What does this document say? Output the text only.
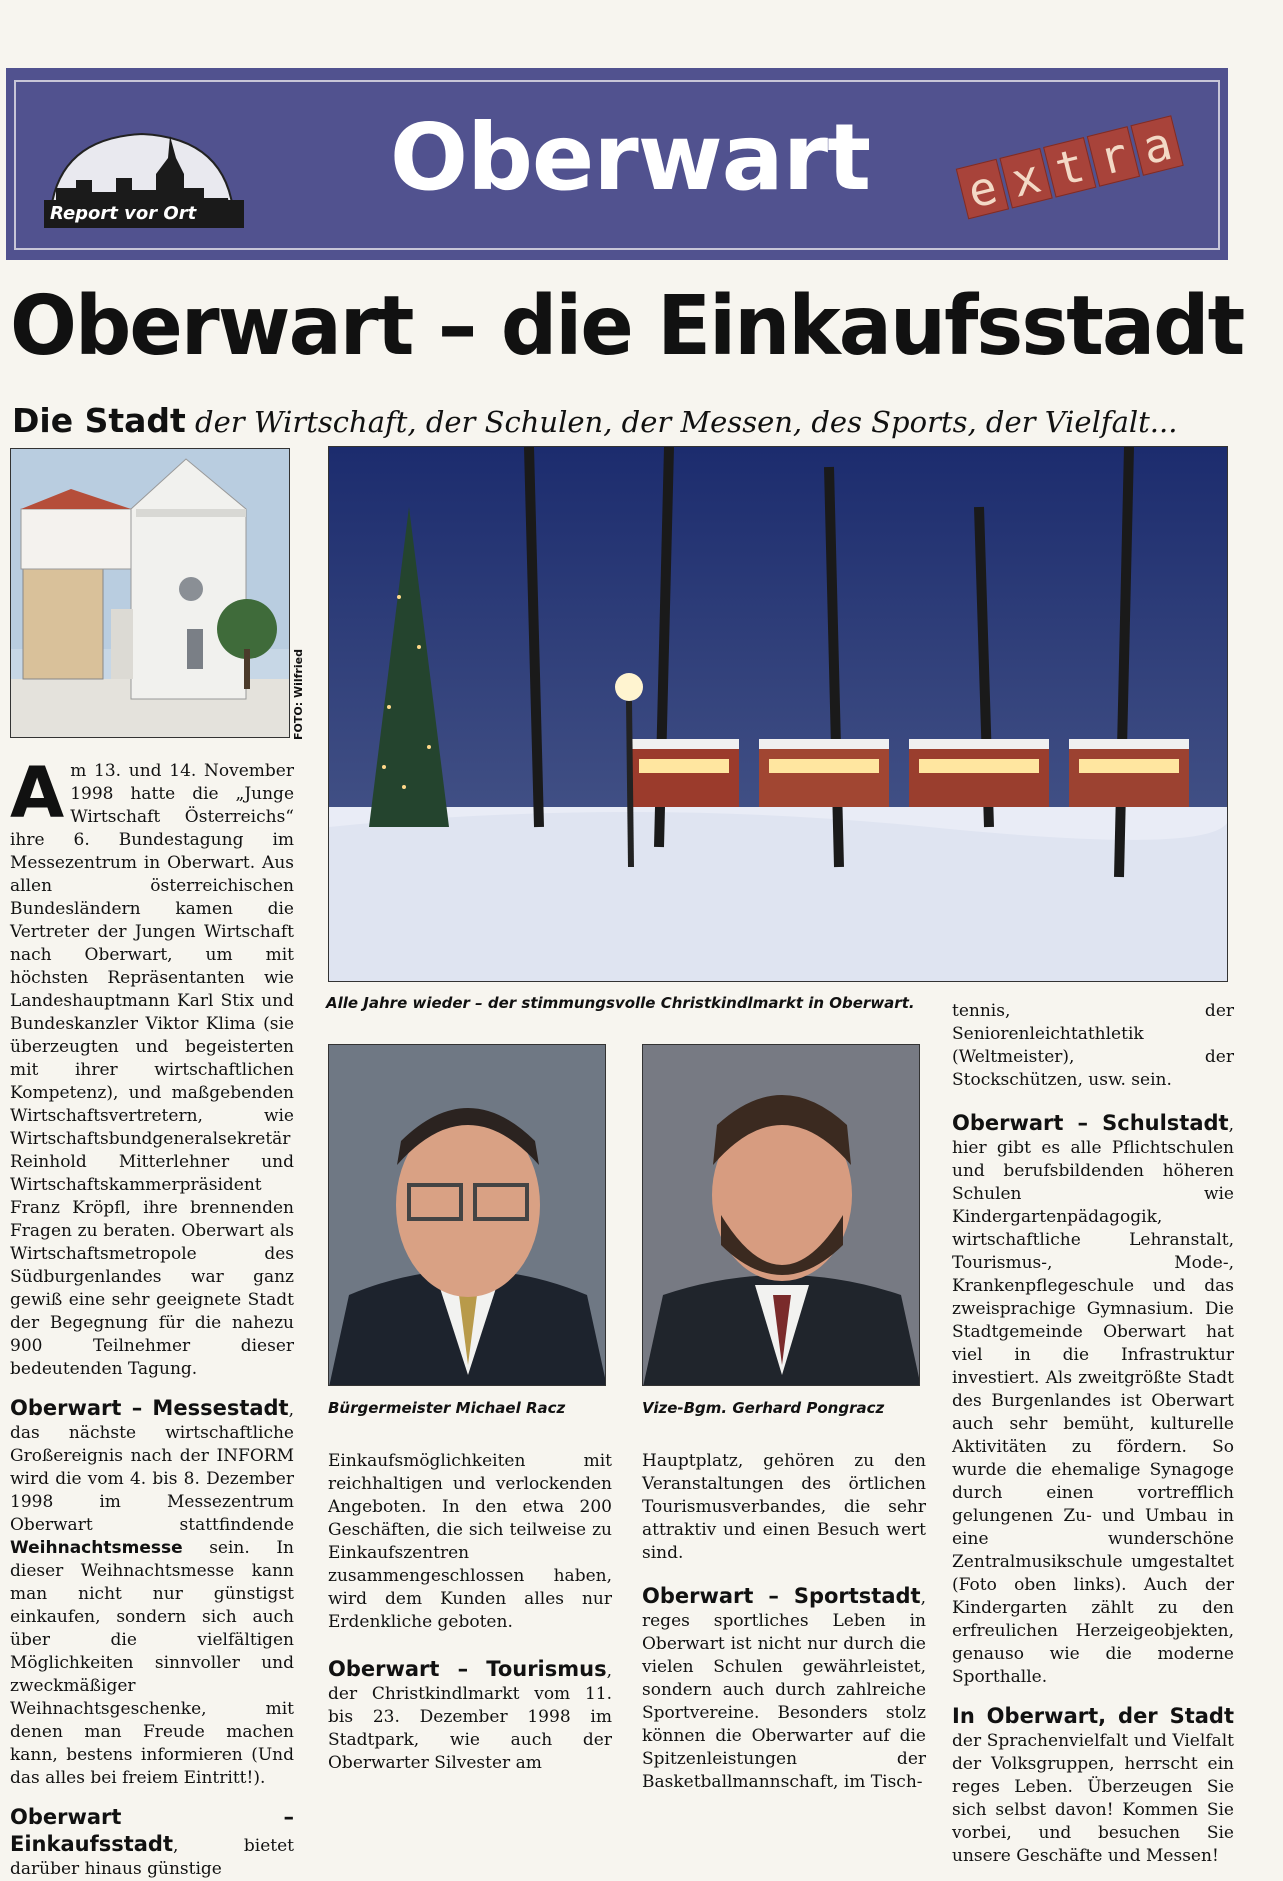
Report vor Ort
Oberwart	extra
Oberwart – die Einkaufsstadt
Die Stadt der Wirtschaft, der Schulen, der Messen, des Sports, der Vielfalt...
FOTO: Wilfried
Alle Jahre wieder – der stimmungsvolle Christkindlmarkt in Oberwart.
Bürgermeister Michael Racz	Vize-Bgm. Gerhard Pongracz

Am 13. und 14. November 1998 hatte die „Junge Wirtschaft Österreichs“ ihre 6. Bundestagung im Messezentrum in Oberwart. Aus allen österreichischen Bundesländern kamen die Vertreter der Jungen Wirtschaft nach Oberwart, um mit höchsten Repräsentanten wie Landeshauptmann Karl Stix und Bundeskanzler Viktor Klima (sie überzeugten und begeisterten mit ihrer wirtschaftlichen Kompetenz), und maßgebenden Wirtschaftsvertretern, wie Wirtschaftsbundgeneralsekretär Reinhold Mitterlehner und Wirtschaftskammerpräsident Franz Kröpfl, ihre brennenden Fragen zu beraten. Oberwart als Wirtschaftsmetropole des Südburgenlandes war ganz gewiß eine sehr geeignete Stadt der Begegnung für die nahezu 900 Teilnehmer dieser bedeutenden Tagung.

Oberwart – Messestadt, das nächste wirtschaftliche Großereignis nach der INFORM wird die vom 4. bis 8. Dezember 1998 im Messezentrum Oberwart stattfindende Weihnachtsmesse sein. In dieser Weihnachtsmesse kann man nicht nur günstigst einkaufen, sondern sich auch über die vielfältigen Möglichkeiten sinnvoller und zweckmäßiger Weihnachtsgeschenke, mit denen man Freude machen kann, bestens informieren (Und das alles bei freiem Eintritt!).

Oberwart – Einkaufsstadt, bietet darüber hinaus günstige

Einkaufsmöglichkeiten mit reichhaltigen und verlockenden Angeboten. In den etwa 200 Geschäften, die sich teilweise zu Einkaufszentren zusammengeschlossen haben, wird dem Kunden alles nur Erdenkliche geboten.

Oberwart – Tourismus, der Christkindlmarkt vom 11. bis 23. Dezember 1998 im Stadtpark, wie auch der Oberwarter Silvester am

Hauptplatz, gehören zu den Veranstaltungen des örtlichen Tourismusverbandes, die sehr attraktiv und einen Besuch wert sind.

Oberwart – Sportstadt, reges sportliches Leben in Oberwart ist nicht nur durch die vielen Schulen gewährleistet, sondern auch durch zahlreiche Sportvereine. Besonders stolz können die Oberwarter auf die Spitzenleistungen der Basketballmannschaft, im Tisch-

tennis, der Seniorenleichtathletik (Weltmeister), der Stockschützen, usw. sein.

Oberwart – Schulstadt, hier gibt es alle Pflichtschulen und berufsbildenden höheren Schulen wie Kindergartenpädagogik, wirtschaftliche Lehranstalt, Tourismus-, Mode-, Krankenpflegeschule und das zweisprachige Gymnasium. Die Stadtgemeinde Oberwart hat viel in die Infrastruktur investiert. Als zweitgrößte Stadt des Burgenlandes ist Oberwart auch sehr bemüht, kulturelle Aktivitäten zu fördern. So wurde die ehemalige Synagoge durch einen vortrefflich gelungenen Zu- und Umbau in eine wunderschöne Zentralmusikschule umgestaltet (Foto oben links). Auch der Kindergarten zählt zu den erfreulichen Herzeigeobjekten, genauso wie die moderne Sporthalle.

In Oberwart, der Stadt der Sprachenvielfalt und Vielfalt der Volksgruppen, herrscht ein reges Leben. Überzeugen Sie sich selbst davon! Kommen Sie vorbei, und besuchen Sie unsere Geschäfte und Messen!
